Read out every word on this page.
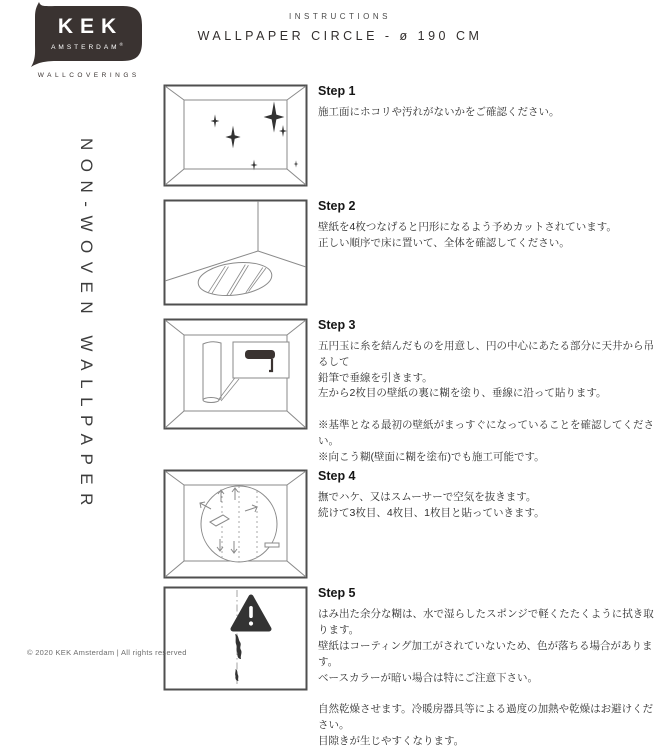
KEK
AMSTERDAM®
WALLCOVERINGS
INSTRUCTIONS
WALLPAPER CIRCLE - ø 190 CM
NON-WOVEN WALLPAPER
Step 1
施工面にホコリや汚れがないかをご確認ください。
Step 2
壁紙を4枚つなげると円形になるよう予めカットされています。
正しい順序で床に置いて、全体を確認してください。
Step 3
五円玉に糸を結んだものを用意し、円の中心にあたる部分に天井から吊るして
鉛筆で垂線を引きます。
左から2枚目の壁紙の裏に糊を塗り、垂線に沿って貼ります。
※基準となる最初の壁紙がまっすぐになっていることを確認してください。
※向こう糊(壁面に糊を塗布)でも施工可能です。
Step 4
撫でハケ、又はスムーサーで空気を抜きます。
続けて3枚目、4枚目、1枚目と貼っていきます。
Step 5
はみ出た余分な糊は、水で湿らしたスポンジで軽くたたくように拭き取ります。
壁紙はコーティング加工がされていないため、色が落ちる場合があります。
ベースカラーが暗い場合は特にご注意下さい。
自然乾燥させます。冷暖房器具等による過度の加熱や乾燥はお避けください。
目隙きが生じやすくなります。
© 2020 KEK Amsterdam | All rights reserved
